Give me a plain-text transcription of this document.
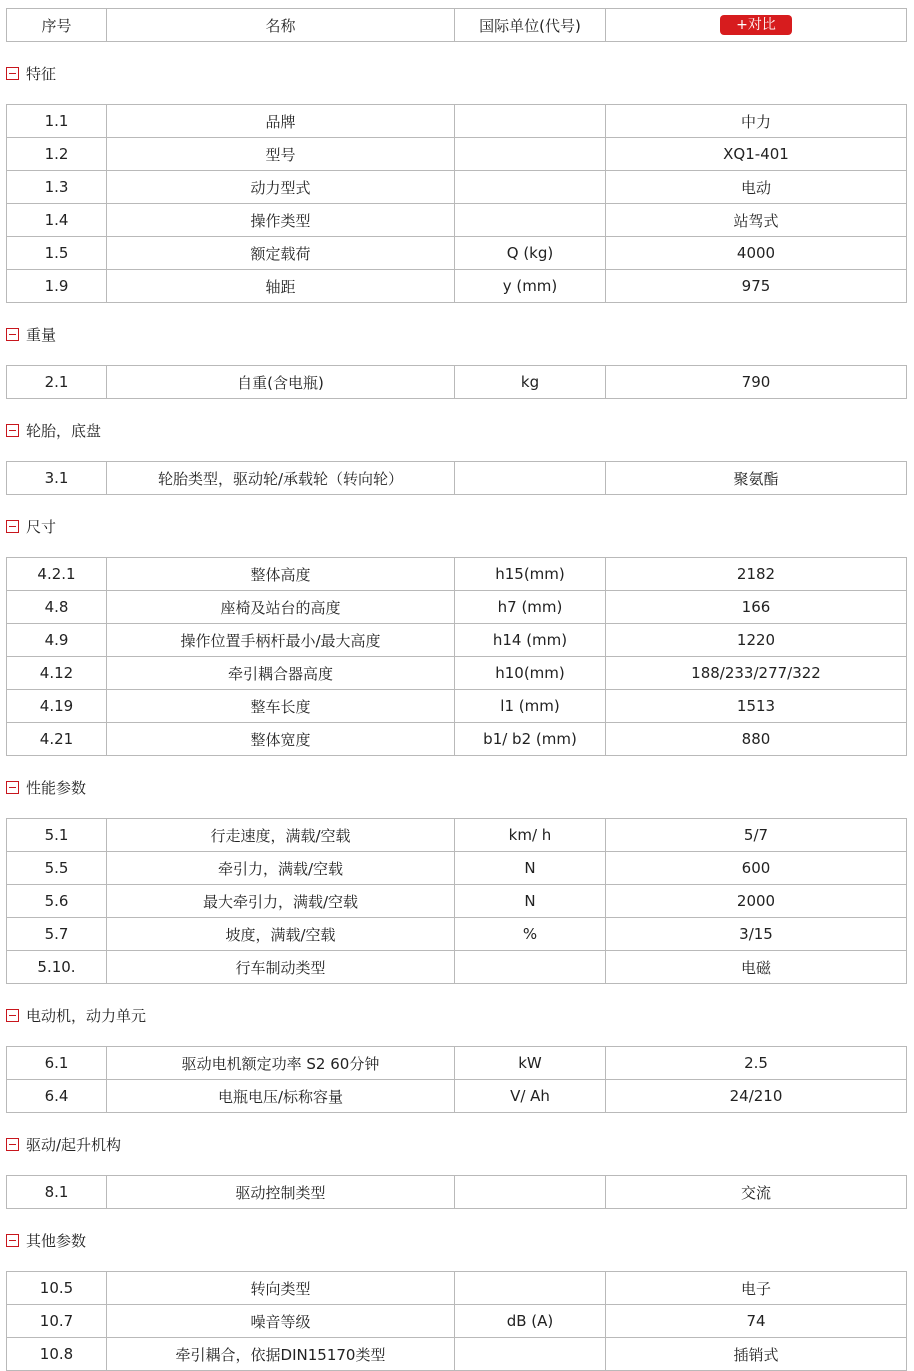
序号	名称	国际单位(代号)	+对比
特征
1.1	品牌		中力
1.2	型号		XQ1-401
1.3	动力型式		电动
1.4	操作类型		站驾式
1.5	额定载荷	Q (kg)	4000
1.9	轴距	y (mm)	975
重量
2.1	自重(含电瓶)	kg	790
轮胎，底盘
3.1	轮胎类型，驱动轮/承载轮（转向轮）		聚氨酯
尺寸
4.2.1	整体高度	h15(mm)	2182
4.8	座椅及站台的高度	h7 (mm)	166
4.9	操作位置手柄杆最小/最大高度	h14 (mm)	1220
4.12	牵引耦合器高度	h10(mm)	188/233/277/322
4.19	整车长度	l1 (mm)	1513
4.21	整体宽度	b1/ b2 (mm)	880
性能参数
5.1	行走速度，满载/空载	km/ h	5/7
5.5	牵引力，满载/空载	N	600
5.6	最大牵引力，满载/空载	N	2000
5.7	坡度，满载/空载	%	3/15
5.10.	行车制动类型		电磁
电动机，动力单元
6.1	驱动电机额定功率 S2 60分钟	kW	2.5
6.4	电瓶电压/标称容量	V/ Ah	24/210
驱动/起升机构
8.1	驱动控制类型		交流
其他参数
10.5	转向类型		电子
10.7	噪音等级	dB (A)	74
10.8	牵引耦合，依据DIN15170类型		插销式
